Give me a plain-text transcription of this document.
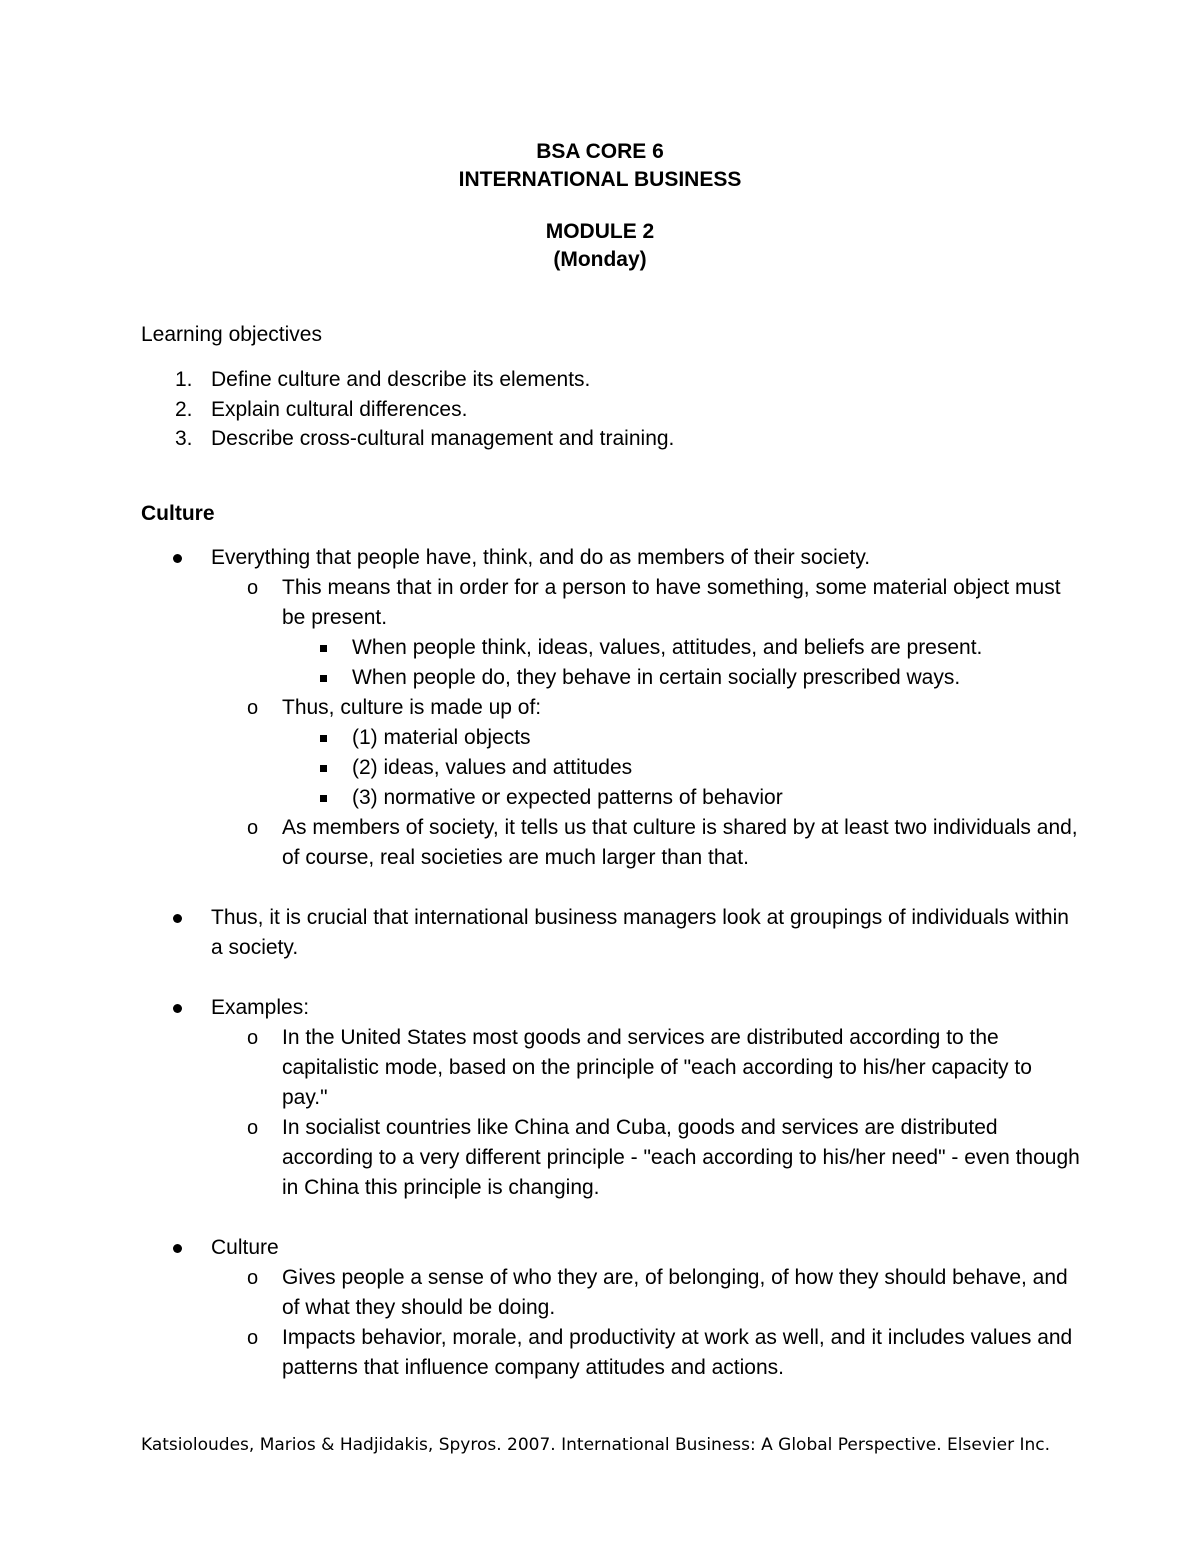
BSA CORE 6
INTERNATIONAL BUSINESS
MODULE 2
(Monday)
Learning objectives
1. Define culture and describe its elements.
2. Explain cultural differences.
3. Describe cross-cultural management and training.
Culture
Everything that people have, think, and do as members of their society.
o This means that in order for a person to have something, some material object must be present.
When people think, ideas, values, attitudes, and beliefs are present.
When people do, they behave in certain socially prescribed ways.
o Thus, culture is made up of:
(1) material objects
(2) ideas, values and attitudes
(3) normative or expected patterns of behavior
o As members of society, it tells us that culture is shared by at least two individuals and, of course, real societies are much larger than that.
Thus, it is crucial that international business managers look at groupings of individuals within a society.
Examples:
o In the United States most goods and services are distributed according to the capitalistic mode, based on the principle of "each according to his/her capacity to pay."
o In socialist countries like China and Cuba, goods and services are distributed according to a very different principle - "each according to his/her need" - even though in China this principle is changing.
Culture
o Gives people a sense of who they are, of belonging, of how they should behave, and of what they should be doing.
o Impacts behavior, morale, and productivity at work as well, and it includes values and patterns that influence company attitudes and actions.
Katsioloudes, Marios & Hadjidakis, Spyros. 2007. International Business: A Global Perspective. Elsevier Inc.
